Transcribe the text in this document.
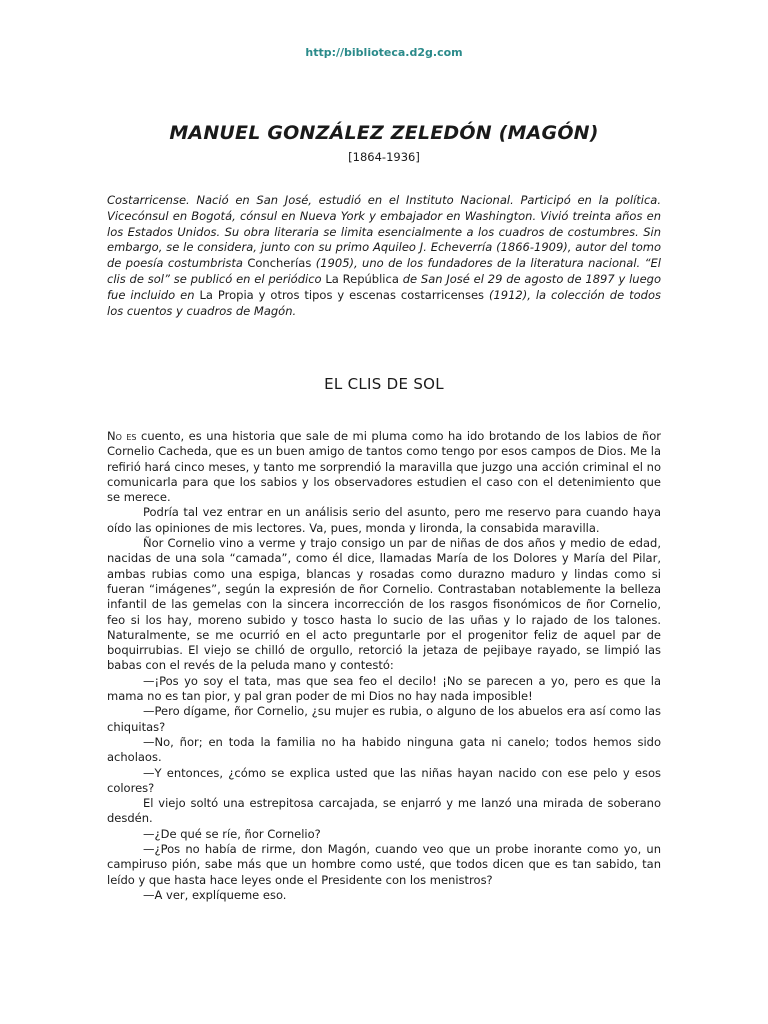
http://biblioteca.d2g.com
MANUEL GONZÁLEZ ZELEDÓN (MAGÓN)
[1864-1936]
Costarricense. Nació en San José, estudió en el Instituto Nacional. Participó en la política. Vicecónsul en Bogotá, cónsul en Nueva York y embajador en Washington. Vivió treinta años en los Estados Unidos. Su obra literaria se limita esencialmente a los cuadros de costumbres. Sin embargo, se le considera, junto con su primo Aquileo J. Echeverría (1866-1909), autor del tomo de poesía costumbrista Concherías (1905), uno de los fundadores de la literatura nacional. “El clis de sol” se publicó en el periódico La República de San José el 29 de agosto de 1897 y luego fue incluido en La Propia y otros tipos y escenas costarricenses (1912), la colección de todos los cuentos y cuadros de Magón.
EL CLIS DE SOL

No es cuento, es una historia que sale de mi pluma como ha ido brotando de los labios de ñor Cornelio Cacheda, que es un buen amigo de tantos como tengo por esos campos de Dios. Me la refirió hará cinco meses, y tanto me sorprendió la maravilla que juzgo una acción criminal el no comunicarla para que los sabios y los observadores estudien el caso con el detenimiento que se merece.

Podría tal vez entrar en un análisis serio del asunto, pero me reservo para cuando haya oído las opiniones de mis lectores. Va, pues, monda y lironda, la consabida maravilla.

Ñor Cornelio vino a verme y trajo consigo un par de niñas de dos años y medio de edad, nacidas de una sola “camada”, como él dice, llamadas María de los Dolores y María del Pilar, ambas rubias como una espiga, blancas y rosadas como durazno maduro y lindas como si fueran “imágenes”, según la expresión de ñor Cornelio. Contrastaban notablemente la belleza infantil de las gemelas con la sincera incorrección de los rasgos fisonómicos de ñor Cornelio, feo si los hay, moreno subido y tosco hasta lo sucio de las uñas y lo rajado de los talones. Naturalmente, se me ocurrió en el acto preguntarle por el progenitor feliz de aquel par de boquirrubias. El viejo se chilló de orgullo, retorció la jetaza de pejibaye rayado, se limpió las babas con el revés de la peluda mano y contestó:

—¡Pos yo soy el tata, mas que sea feo el decilo! ¡No se parecen a yo, pero es que la mama no es tan pior, y pal gran poder de mi Dios no hay nada imposible!

—Pero dígame, ñor Cornelio, ¿su mujer es rubia, o alguno de los abuelos era así como las chiquitas?

—No, ñor; en toda la familia no ha habido ninguna gata ni canelo; todos hemos sido acholaos.

—Y entonces, ¿cómo se explica usted que las niñas hayan nacido con ese pelo y esos colores?

El viejo soltó una estrepitosa carcajada, se enjarró y me lanzó una mirada de soberano desdén.

—¿De qué se ríe, ñor Cornelio?

—¿Pos no había de rirme, don Magón, cuando veo que un probe inorante como yo, un campiruso pión, sabe más que un hombre como usté, que todos dicen que es tan sabido, tan leído y que hasta hace leyes onde el Presidente con los menistros?

—A ver, explíqueme eso.
